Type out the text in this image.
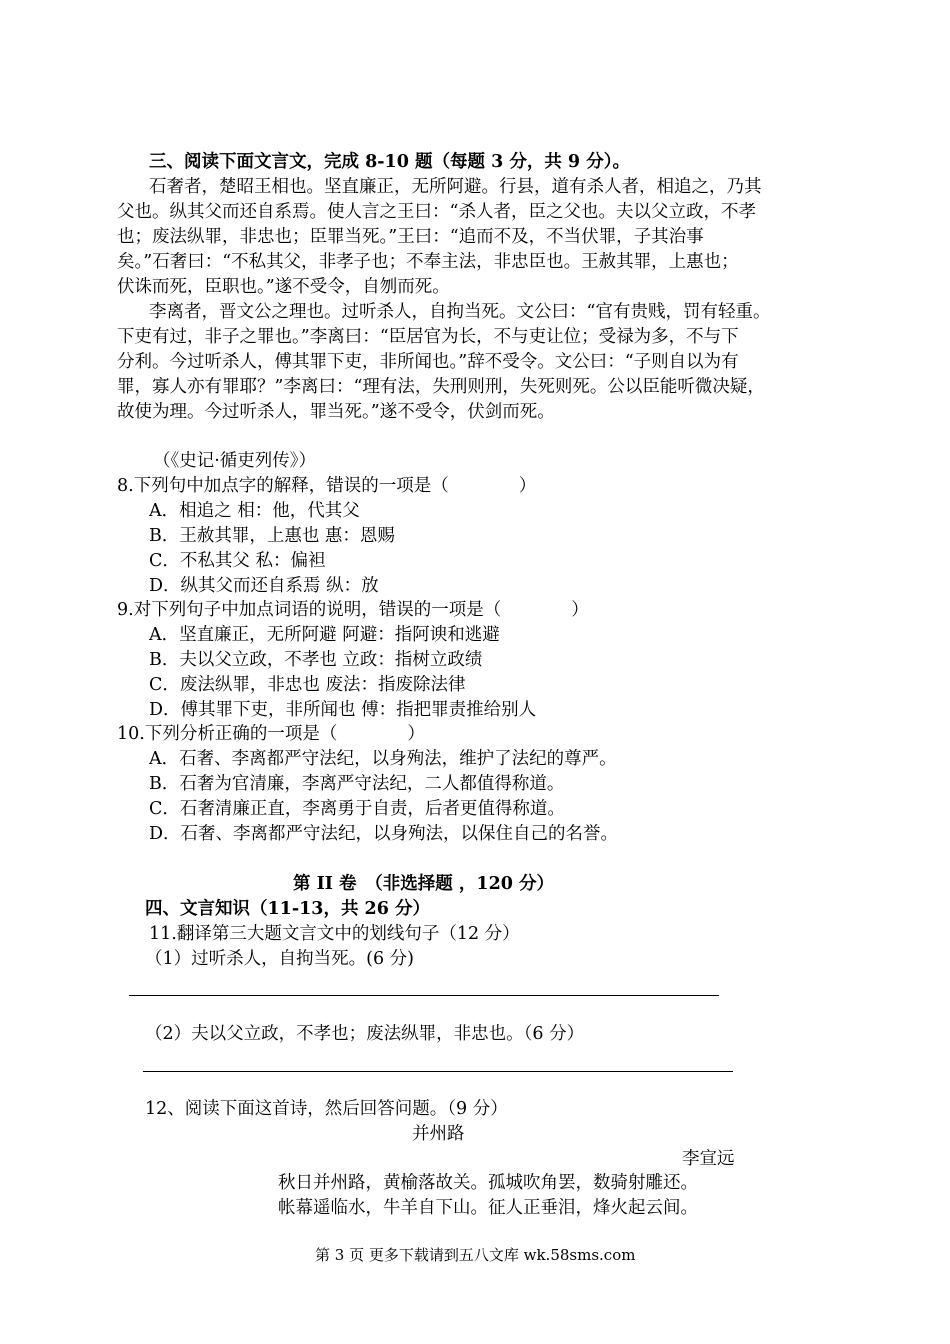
三、阅读下面文言文，完成 8-10 题（每题 3 分，共 9 分）。
石奢者，楚昭王相也。坚直廉正，无所阿避。行县，道有杀人者，相追之，乃其
父也。纵其父而还自系焉。使人言之王曰：“杀人者，臣之父也。夫以父立政，不孝
也；废法纵罪，非忠也；臣罪当死。”王曰：“追而不及，不当伏罪，子其治事
矣。”石奢曰：“不私其父，非孝子也；不奉主法，非忠臣也。王赦其罪，上惠也；
伏诛而死，臣职也。”遂不受令，自刎而死。
李离者，晋文公之理也。过听杀人，自拘当死。文公曰：“官有贵贱，罚有轻重。
下吏有过，非子之罪也。”李离曰：“臣居官为长，不与吏让位；受禄为多，不与下
分利。今过听杀人，傅其罪下吏，非所闻也。”辞不受令。文公曰：“子则自以为有
罪，寡人亦有罪耶？”李离曰：“理有法，失刑则刑，失死则死。公以臣能听微决疑，
故使为理。今过听杀人，罪当死。”遂不受令，伏剑而死。
（《史记·循吏列传》）
8.下列句中加点字的解释，错误的一项是（　　　　）
A．相追之 相：他，代其父
B．王赦其罪，上惠也 惠：恩赐
C．不私其父 私：偏袒
D．纵其父而还自系焉 纵：放
9.对下列句子中加点词语的说明，错误的一项是（　　　　）
A．坚直廉正，无所阿避 阿避：指阿谀和逃避
B．夫以父立政，不孝也 立政：指树立政绩
C．废法纵罪，非忠也 废法：指废除法律
D．傅其罪下吏，非所闻也 傅：指把罪责推给别人
10.下列分析正确的一项是（　　　　）
A．石奢、李离都严守法纪，以身殉法，维护了法纪的尊严。
B．石奢为官清廉，李离严守法纪，二人都值得称道。
C．石奢清廉正直，李离勇于自责，后者更值得称道。
D．石奢、李离都严守法纪，以身殉法，以保住自己的名誉。
第 II 卷　（非选择题 ，120 分）
四、文言知识（11-13，共 26 分）
11.翻译第三大题文言文中的划线句子（12 分）
（1）过听杀人，自拘当死。(6 分)
（2）夫以父立政，不孝也；废法纵罪，非忠也。（6 分）
12、阅读下面这首诗，然后回答问题。（9 分）
并州路
李宣远
秋日并州路，黄榆落故关。孤城吹角罢，数骑射雕还。
帐幕遥临水，牛羊自下山。征人正垂泪，烽火起云间。
第 3 页 更多下载请到五八文库 wk.58sms.com
